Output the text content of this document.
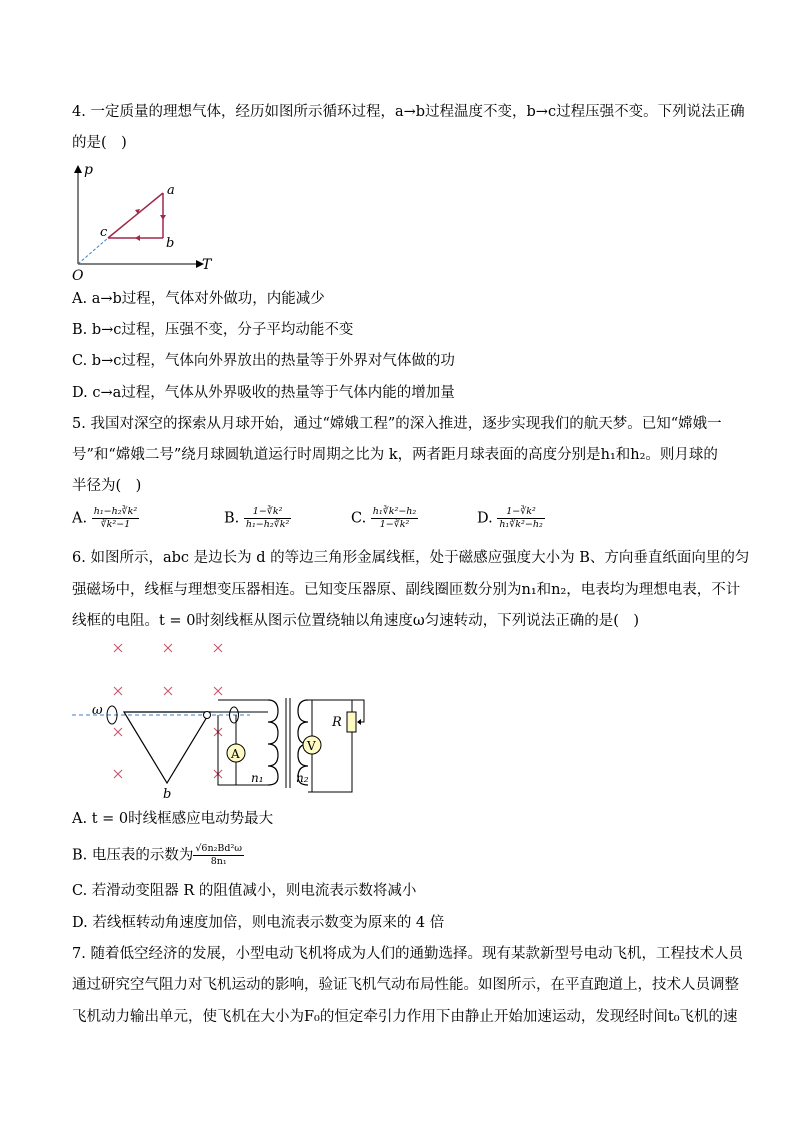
4. 一定质量的理想气体，经历如图所示循环过程，a→b过程温度不变，b→c过程压强不变。下列说法正确
的是(　)
p
T
O
a
b
c
A. a→b过程，气体对外做功，内能减少
B. b→c过程，压强不变，分子平均动能不变
C. b→c过程，气体向外界放出的热量等于外界对气体做的功
D. c→a过程，气体从外界吸收的热量等于气体内能的增加量
5. 我国对深空的探索从月球开始，通过“嫦娥工程”的深入推进，逐步实现我们的航天梦。已知“嫦娥一
号”和“嫦娥二号”绕月球圆轨道运行时周期之比为 k，两者距月球表面的高度分别是h₁和h₂。则月球的
半径为(　)
A. $\frac{\text{h₁−h₂∛k²}}{\text{∛k²−1}}$	B. $\frac{\text{1−∛k²}}{\text{h₁−h₂∛k²}}$	C. $\frac{\text{h₁∛k²−h₂}}{\text{1−∛k²}}$	D. $\frac{\text{1−∛k²}}{\text{h₁∛k²−h₂}}$
6. 如图所示，abc 是边长为 d 的等边三角形金属线框，处于磁感应强度大小为 B、方向垂直纸面向里的匀
强磁场中，线框与理想变压器相连。已知变压器原、副线圈匝数分别为n₁和n₂，电表均为理想电表，不计
线框的电阻。t = 0时刻线框从图示位置绕轴以角速度ω匀速转动，下列说法正确的是(　)
ω
b
A
n₁	n₂
V
R
A. t = 0时线框感应电动势最大
B. 电压表的示数为 $\frac{\text{√6n₂Bd²ω}}{\text{8n₁}}$
C. 若滑动变阻器 R 的阻值减小，则电流表示数将减小
D. 若线框转动角速度加倍，则电流表示数变为原来的 4 倍
7. 随着低空经济的发展，小型电动飞机将成为人们的通勤选择。现有某款新型号电动飞机，工程技术人员
通过研究空气阻力对飞机运动的影响，验证飞机气动布局性能。如图所示，在平直跑道上，技术人员调整
飞机动力输出单元，使飞机在大小为F₀的恒定牵引力作用下由静止开始加速运动，发现经时间t₀飞机的速
